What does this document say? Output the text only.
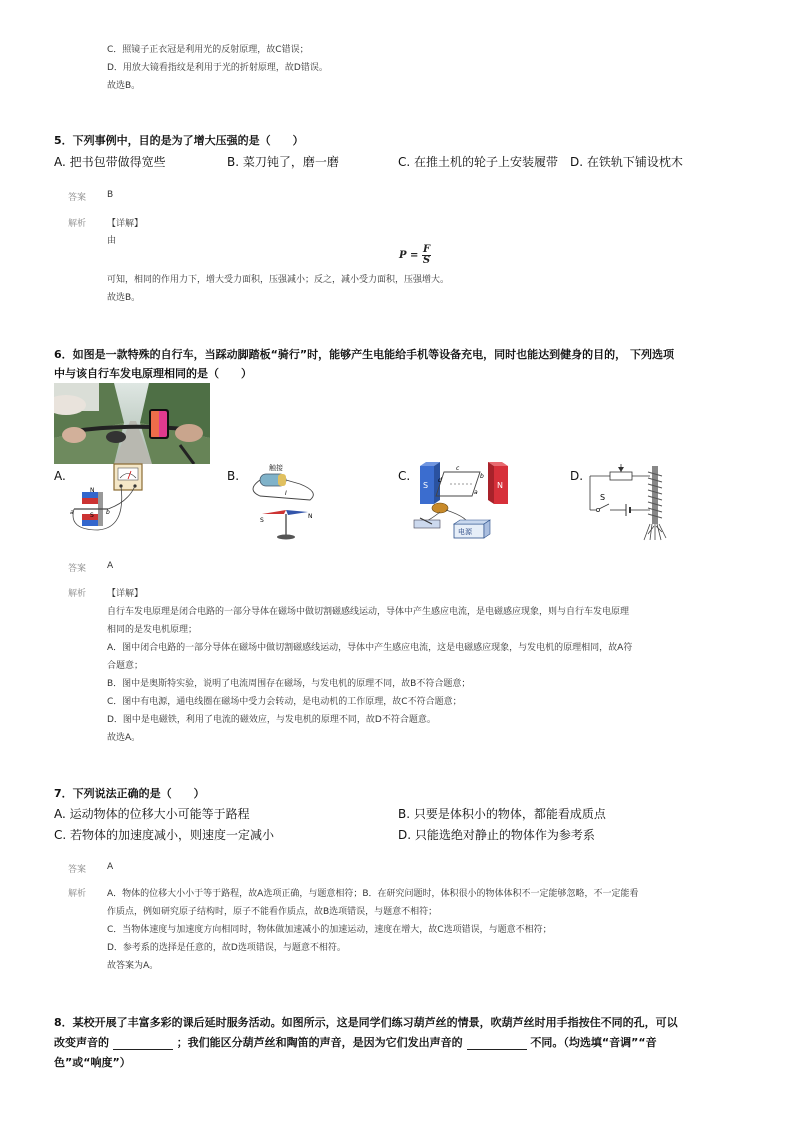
C．照镜子正衣冠是利用光的反射原理，故C错误；
D．用放大镜看指纹是利用于光的折射原理，故D错误。
故选B。
5．下列事例中，目的是为了增大压强的是（　　）
A. 把书包带做得宽些	B. 菜刀钝了，磨一磨	C. 在推土机的轮子上安装履带 D. 在铁轨下铺设枕木
答案 B
解析 【详解】
由
$P = \frac{F}{S}$
可知，相同的作用力下，增大受力面积，压强减小；反之，减小受力面积，压强增大。
故选B。
6．如图是一款特殊的自行车，当踩动脚踏板“骑行”时，能够产生电能给手机等设备充电，同时也能达到健身的目的， 下列选项
中与该自行车发电原理相同的是（　　）
A.
N
S
a	b
B.
触接
I
S
N
C.
S	N
c
b
d
a
电源
D.
S
答案 A
解析 【详解】
自行车发电原理是闭合电路的一部分导体在磁场中做切割磁感线运动，导体中产生感应电流，是电磁感应现象，则与自行车发电原理
相同的是发电机原理；
A．图中闭合电路的一部分导体在磁场中做切割磁感线运动，导体中产生感应电流，这是电磁感应现象，与发电机的原理相同，故A符
合题意；
B．图中是奥斯特实验，说明了电流周围存在磁场，与发电机的原理不同，故B不符合题意；
C．图中有电源，通电线圈在磁场中受力会转动，是电动机的工作原理，故C不符合题意；
D．图中是电磁铁，利用了电流的磁效应，与发电机的原理不同，故D不符合题意。
故选A。
7．下列说法正确的是（　　）
A. 运动物体的位移大小可能等于路程	B. 只要是体积小的物体，都能看成质点
C. 若物体的加速度减小，则速度一定减小	D. 只能选绝对静止的物体作为参考系
答案 A
解析 A．物体的位移大小小于等于路程，故A选项正确，与题意相符；B．在研究问题时，体积很小的物体体积不一定能够忽略，不一定能看
作质点，例如研究原子结构时，原子不能看作质点，故B选项错误，与题意不相符；
C．当物体速度与加速度方向相同时，物体做加速减小的加速运动，速度在增大，故C选项错误，与题意不相符；
D．参考系的选择是任意的，故D选项错误，与题意不相符。
故答案为A。
8．某校开展了丰富多彩的课后延时服务活动。如图所示，这是同学们练习葫芦丝的情景，吹葫芦丝时用手指按住不同的孔，可以
改变声音的	；我们能区分葫芦丝和陶笛的声音，是因为它们发出声音的	不同。（均选填“音调”“音
色”或“响度”）
